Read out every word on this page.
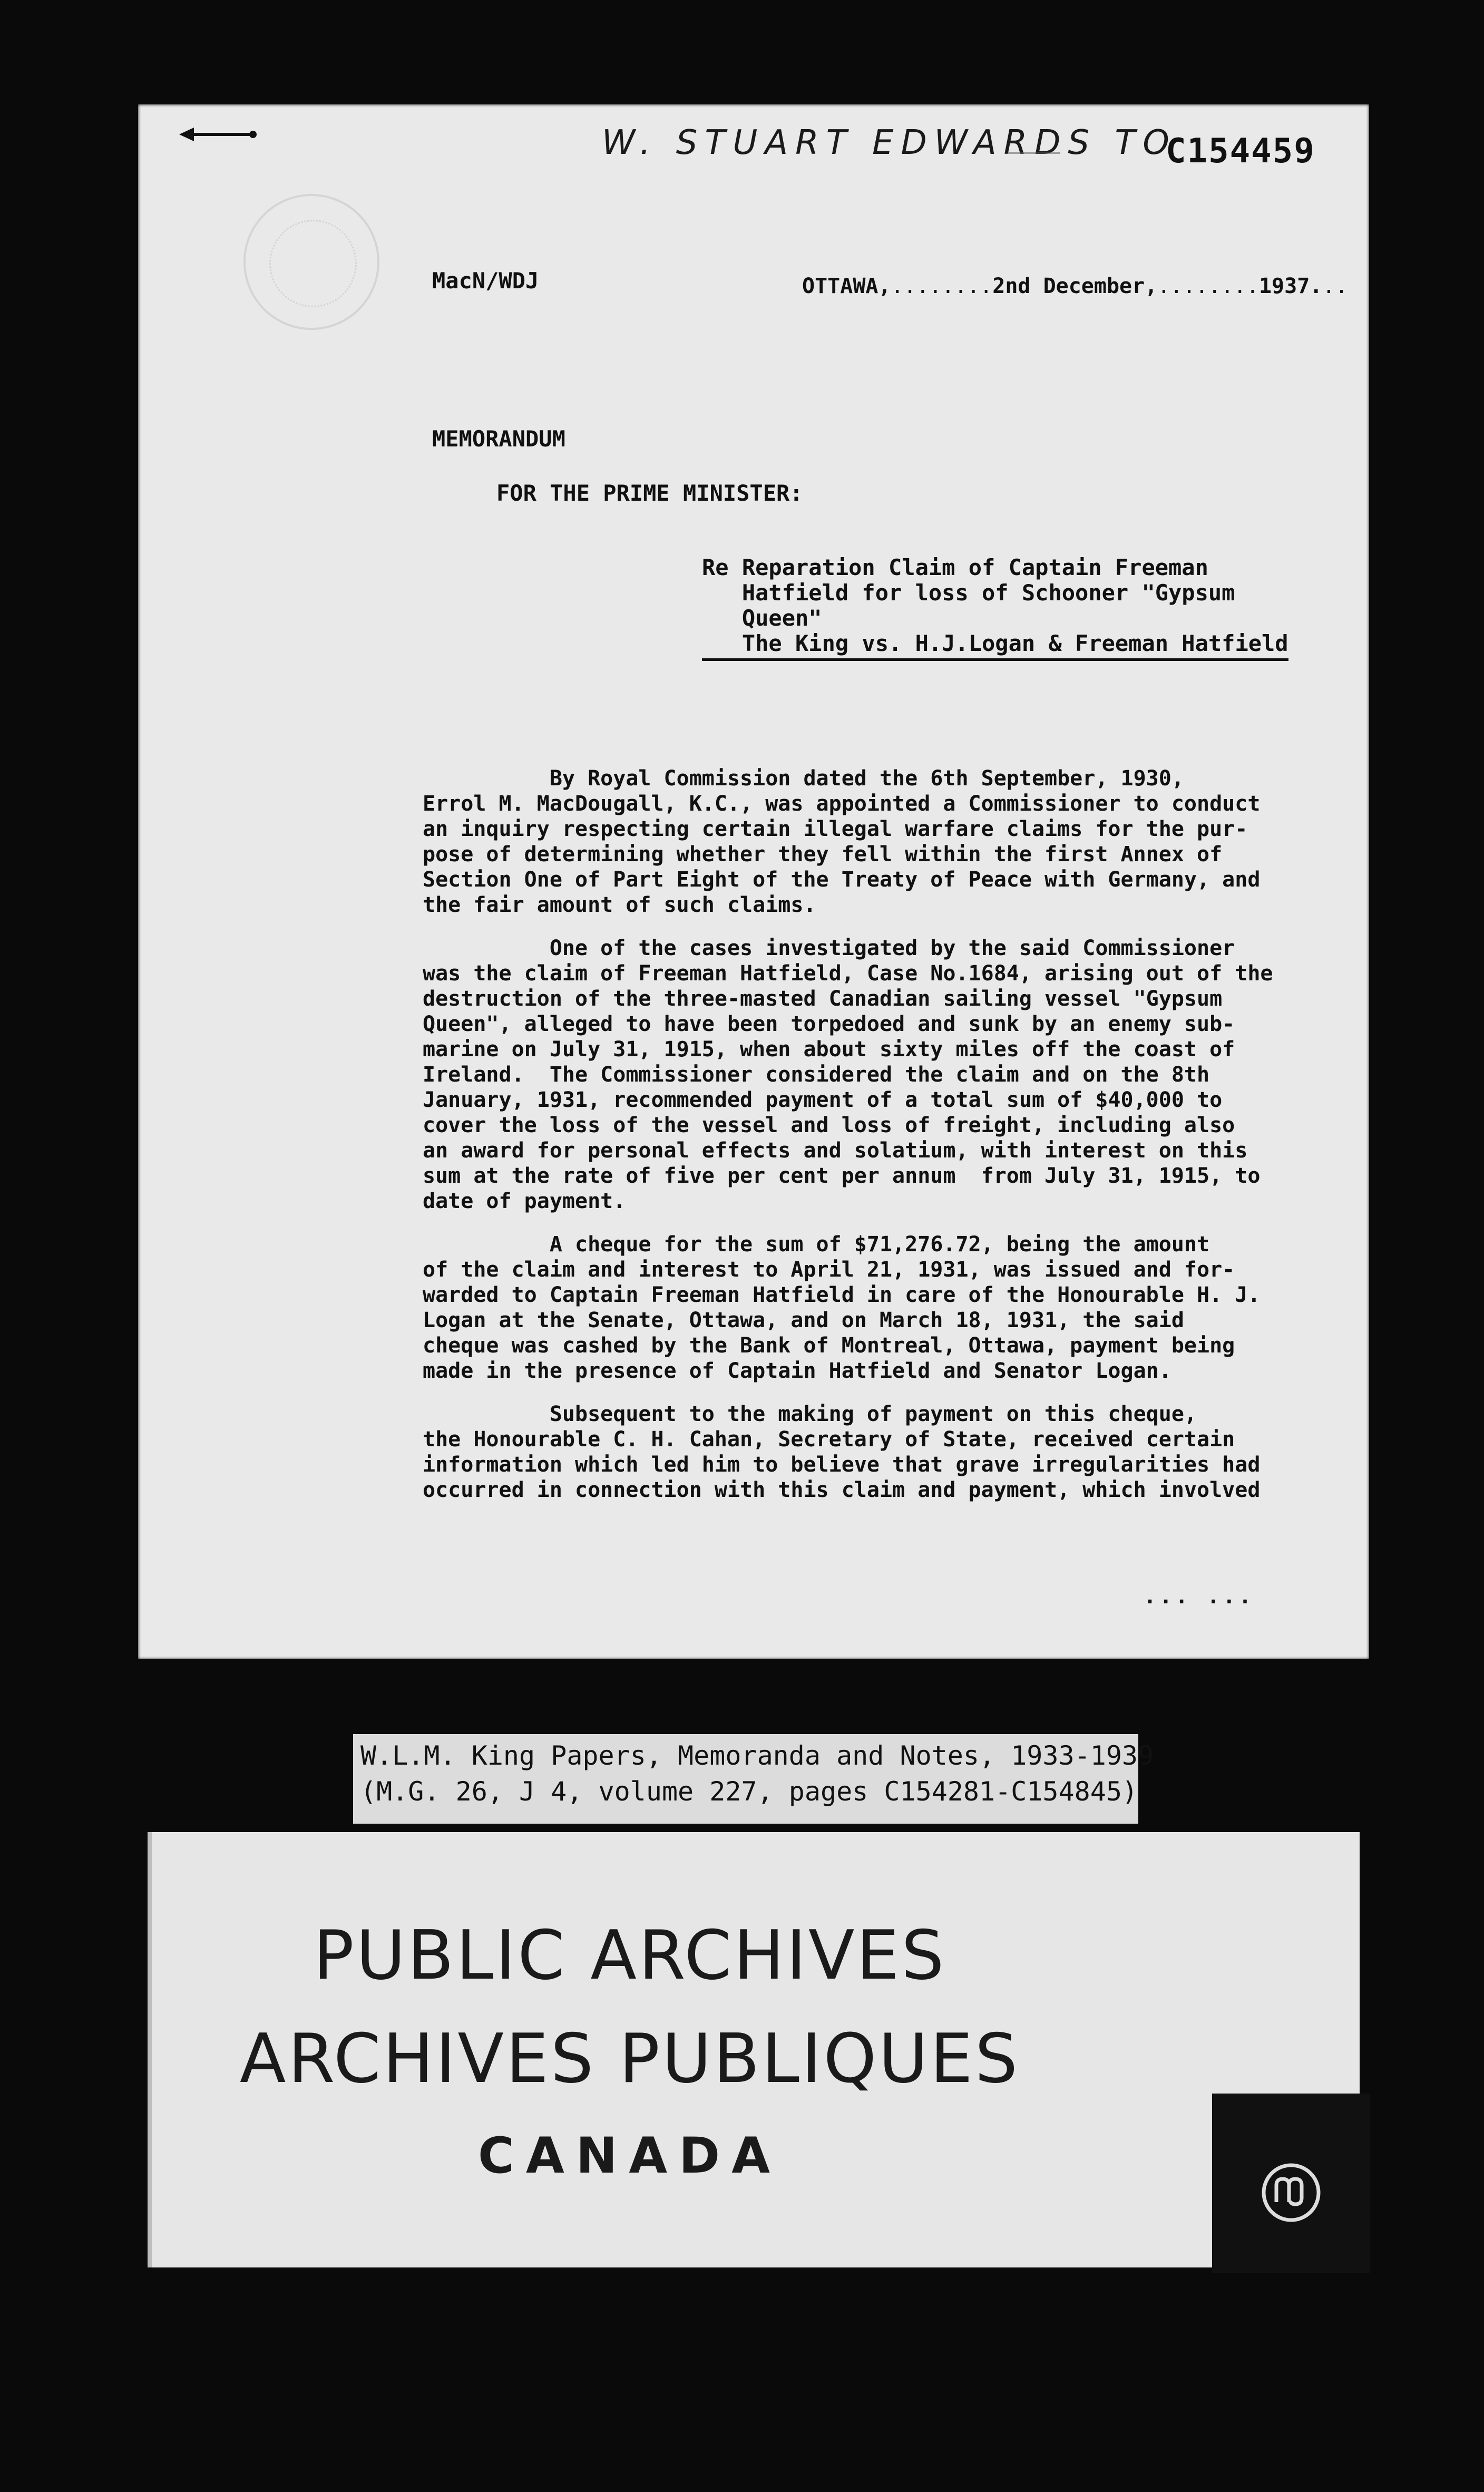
W. STUART EDWARDS TO
C154459
MacN/WDJ	OTTAWA,........2nd December,........1937...
MEMORANDUM
FOR THE PRIME MINISTER:
Re Reparation Claim of Captain Freeman
Hatfield for loss of Schooner "Gypsum
Queen"
The King vs. H.J.Logan & Freeman Hatfield
By Royal Commission dated the 6th September, 1930,
Errol M. MacDougall, K.C., was appointed a Commissioner to conduct
an inquiry respecting certain illegal warfare claims for the pur-
pose of determining whether they fell within the first Annex of
Section One of Part Eight of the Treaty of Peace with Germany, and
the fair amount of such claims.
One of the cases investigated by the said Commissioner
was the claim of Freeman Hatfield, Case No.1684, arising out of the
destruction of the three-masted Canadian sailing vessel "Gypsum
Queen", alleged to have been torpedoed and sunk by an enemy sub-
marine on July 31, 1915, when about sixty miles off the coast of
Ireland.  The Commissioner considered the claim and on the 8th
January, 1931, recommended payment of a total sum of $40,000 to
cover the loss of the vessel and loss of freight, including also
an award for personal effects and solatium, with interest on this
sum at the rate of five per cent per annum  from July 31, 1915, to
date of payment.
A cheque for the sum of $71,276.72, being the amount
of the claim and interest to April 21, 1931, was issued and for-
warded to Captain Freeman Hatfield in care of the Honourable H. J.
Logan at the Senate, Ottawa, and on March 18, 1931, the said
cheque was cashed by the Bank of Montreal, Ottawa, payment being
made in the presence of Captain Hatfield and Senator Logan.
Subsequent to the making of payment on this cheque,
the Honourable C. H. Cahan, Secretary of State, received certain
information which led him to believe that grave irregularities had
occurred in connection with this claim and payment, which involved
... ...
W.L.M. King Papers, Memoranda and Notes, 1933-1939
(M.G. 26, J 4, volume 227, pages C154281-C154845)
PUBLIC ARCHIVES
ARCHIVES PUBLIQUES
CANADA
